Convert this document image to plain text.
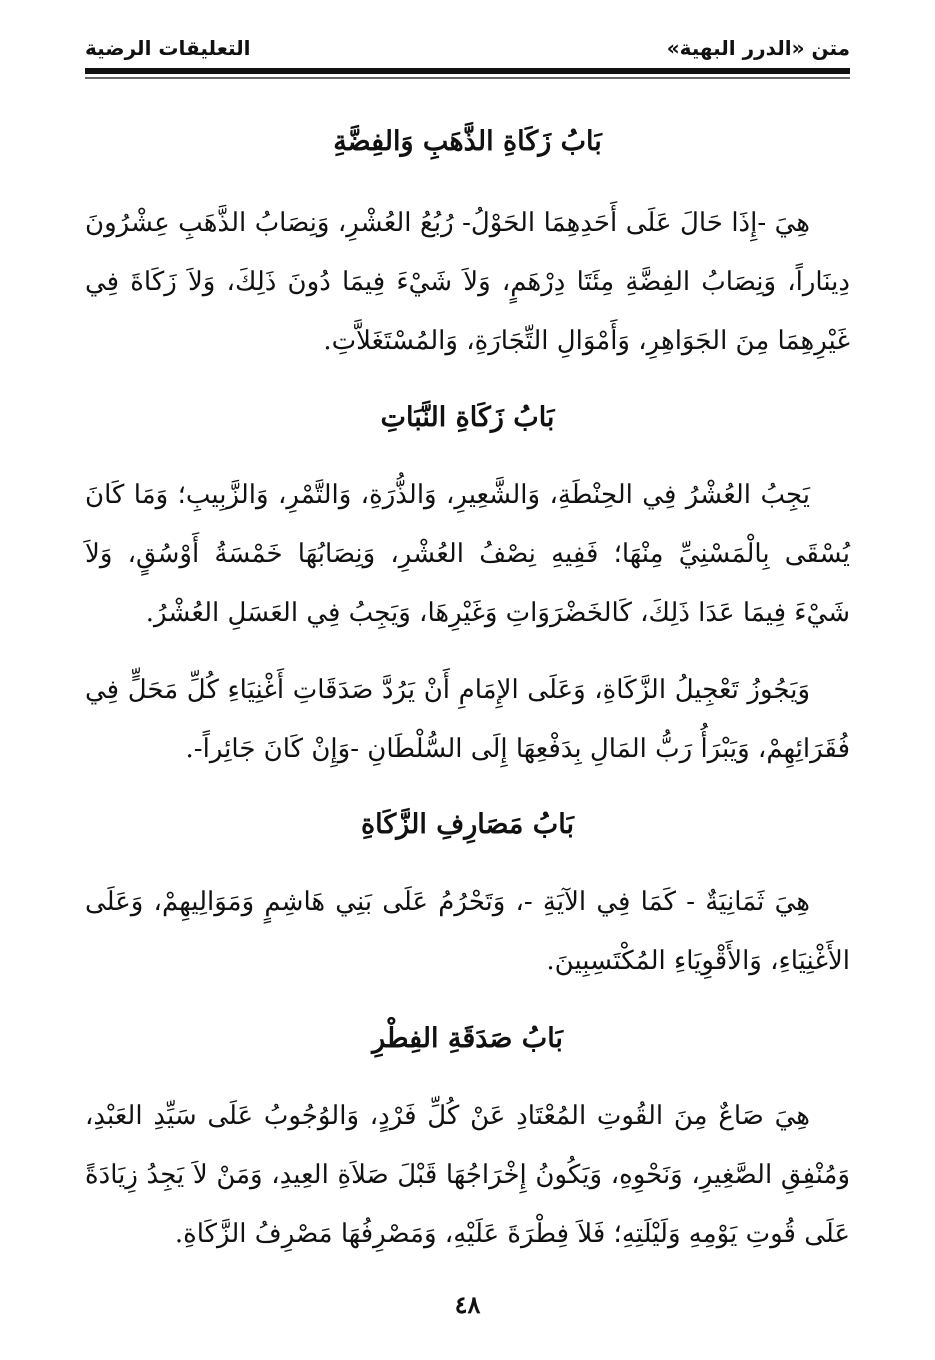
متن «الدرر البهية»
التعليقات الرضية
بَابُ زَكَاةِ الذَّهَبِ وَالفِضَّةِ

هِيَ -إِذَا حَالَ عَلَى أَحَدِهِمَا الحَوْلُ- رُبُعُ العُشْرِ، وَنِصَابُ الذَّهَبِ عِشْرُونَ دِينَاراً، وَنِصَابُ الفِضَّةِ مِئَتَا دِرْهَمٍ، وَلاَ شَيْءَ فِيمَا دُونَ ذَلِكَ، وَلاَ زَكَاةَ فِي غَيْرِهِمَا مِنَ الجَوَاهِرِ، وَأَمْوَالِ التِّجَارَةِ، وَالمُسْتَغَلاَّتِ.

بَابُ زَكَاةِ النَّبَاتِ

يَجِبُ العُشْرُ فِي الحِنْطَةِ، وَالشَّعِيرِ، وَالذُّرَةِ، وَالتَّمْرِ، وَالزَّبِيبِ؛ وَمَا كَانَ يُسْقَى بِالْمَسْنِيِّ مِنْهَا؛ فَفِيهِ نِصْفُ العُشْرِ، وَنِصَابُهَا خَمْسَةُ أَوْسُقٍ، وَلاَ شَيْءَ فِيمَا عَدَا ذَلِكَ، كَالخَضْرَوَاتِ وَغَيْرِهَا، وَيَجِبُ فِي العَسَلِ العُشْرُ.

وَيَجُوزُ تَعْجِيلُ الزَّكَاةِ، وَعَلَى الإِمَامِ أَنْ يَرُدَّ صَدَقَاتِ أَغْنِيَاءِ كُلِّ مَحَلٍّ فِي فُقَرَائِهِمْ، وَيَبْرَأُ رَبُّ المَالِ بِدَفْعِهَا إِلَى السُّلْطَانِ -وَإِنْ كَانَ جَائِراً-.

بَابُ مَصَارِفِ الزَّكَاةِ

هِيَ ثَمَانِيَةٌ - كَمَا فِي الآيَةِ -، وَتَحْرُمُ عَلَى بَنِي هَاشِمٍ وَمَوَالِيهِمْ، وَعَلَى الأَغْنِيَاءِ، وَالأَقْوِيَاءِ المُكْتَسِبِينَ.

بَابُ صَدَقَةِ الفِطْرِ

هِيَ صَاعٌ مِنَ القُوتِ المُعْتَادِ عَنْ كُلِّ فَرْدٍ، وَالوُجُوبُ عَلَى سَيِّدِ العَبْدِ، وَمُنْفِقِ الصَّغِيرِ، وَنَحْوِهِ، وَيَكُونُ إِخْرَاجُهَا قَبْلَ صَلاَةِ العِيدِ، وَمَنْ لاَ يَجِدُ زِيَادَةً عَلَى قُوتِ يَوْمِهِ وَلَيْلَتِهِ؛ فَلاَ فِطْرَةَ عَلَيْهِ، وَمَصْرِفُهَا مَصْرِفُ الزَّكَاةِ.

٤٨
